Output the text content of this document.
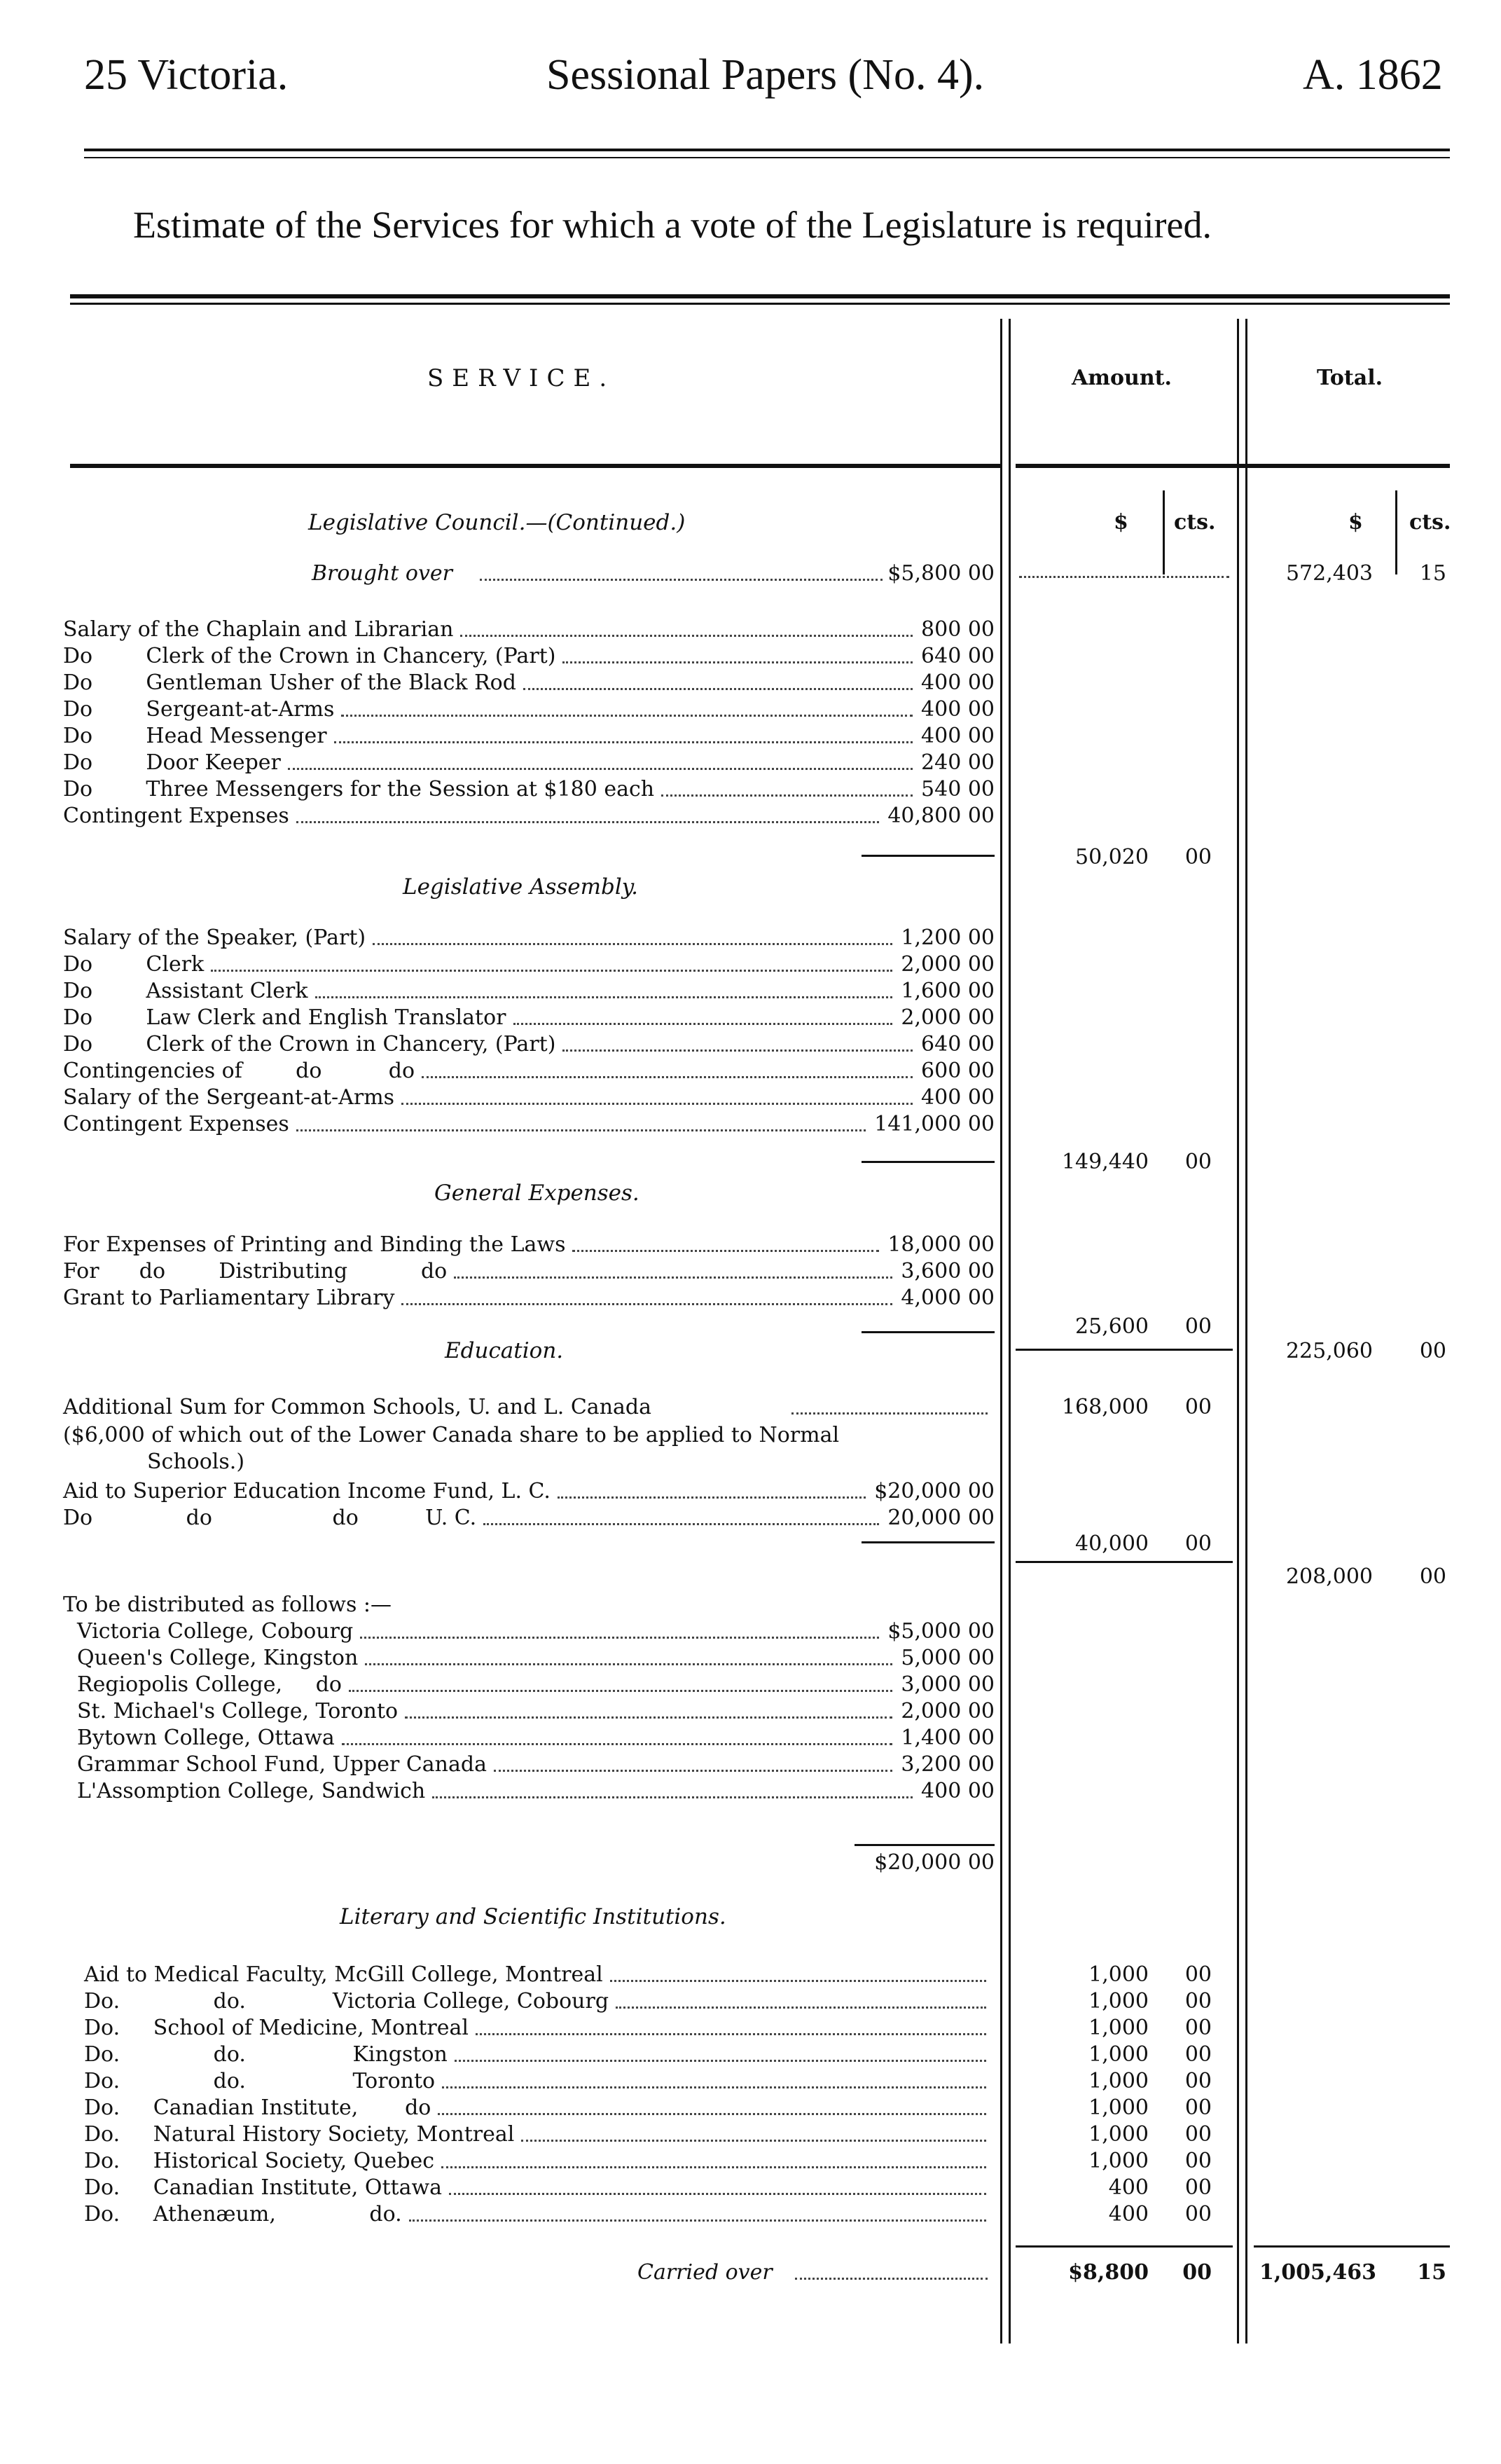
25 Victoria.	Sessional Papers (No. 4).	A. 1862
Estimate of the Services for which a vote of the Legislature is required.
SERVICE.	Amount.	Total.
$ cts.	$ cts.
Legislative Council.—(Continued.)
Brought over	$5,800 00	572,403	15
Salary of the Chaplain and Librarian	800 00
Do        Clerk of the Crown in Chancery, (Part)	640 00
Do        Gentleman Usher of the Black Rod	400 00
Do        Sergeant-at-Arms	400 00
Do        Head Messenger	400 00
Do        Door Keeper	240 00
Do        Three Messengers for the Session at $180 each	540 00
Contingent Expenses	40,800 00
50,020	00
Legislative Assembly.
Salary of the Speaker, (Part)	1,200 00
Do        Clerk	2,000 00
Do        Assistant Clerk	1,600 00
Do        Law Clerk and English Translator	2,000 00
Do        Clerk of the Crown in Chancery, (Part)	640 00
Contingencies of        do          do	600 00
Salary of the Sergeant-at-Arms	400 00
Contingent Expenses	141,000 00
149,440	00
General Expenses.
For Expenses of Printing and Binding the Laws	18,000 00
For      do        Distributing           do	3,600 00
Grant to Parliamentary Library	4,000 00
25,600	00
225,060	00
Education.
Additional Sum for Common Schools, U. and L. Canada	168,000	00
($6,000 of which out of the Lower Canada share to be applied to Normal
Schools.)
Aid to Superior Education Income Fund, L. C.	$20,000 00
Do              do                  do          U. C.	20,000 00
40,000	00
208,000	00
To be distributed as follows :—
Victoria College, Cobourg	$5,000 00
Queen's College, Kingston	5,000 00
Regiopolis College,     do	3,000 00
St. Michael's College, Toronto	2,000 00
Bytown College, Ottawa	1,400 00
Grammar School Fund, Upper Canada	3,200 00
L'Assomption College, Sandwich	400 00
$20,000 00
Literary and Scientific Institutions.
Aid to Medical Faculty, McGill College, Montreal	1,000	00
Do.              do.             Victoria College, Cobourg	1,000	00
Do.     School of Medicine, Montreal	1,000	00
Do.              do.                Kingston	1,000	00
Do.              do.                Toronto	1,000	00
Do.     Canadian Institute,       do	1,000	00
Do.     Natural History Society, Montreal	1,000	00
Do.     Historical Society, Quebec	1,000	00
Do.     Canadian Institute, Ottawa	400	00
Do.     Athenæum,              do.	400	00
Carried over	$8,800	00	1,005,463	15
